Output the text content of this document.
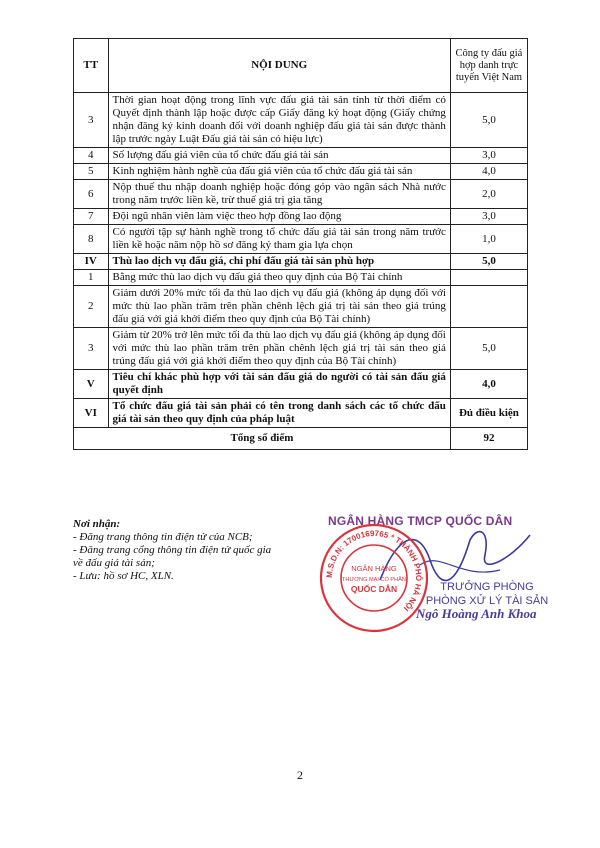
TT	NỘI DUNG	Công ty đấu giá hợp danh trực tuyến Việt Nam
3	Thời gian hoạt động trong lĩnh vực đấu giá tài sản tính từ thời điểm có Quyết định thành lập hoặc được cấp Giấy đăng ký hoạt động (Giấy chứng nhận đăng ký kinh doanh đối với doanh nghiệp đấu giá tài sản được thành lập trước ngày Luật Đấu giá tài sản có hiệu lực)	5,0
4	Số lượng đấu giá viên của tổ chức đấu giá tài sản	3,0
5	Kinh nghiệm hành nghề của đấu giá viên của tổ chức đấu giá tài sản	4,0
6	Nộp thuế thu nhập doanh nghiệp hoặc đóng góp vào ngân sách Nhà nước trong năm trước liền kề, trừ thuế giá trị gia tăng	2,0
7	Đội ngũ nhân viên làm việc theo hợp đồng lao động	3,0
8	Có người tập sự hành nghề trong tổ chức đấu giá tài sản trong năm trước liền kề hoặc năm nộp hồ sơ đăng ký tham gia lựa chọn	1,0
IV	Thù lao dịch vụ đấu giá, chi phí đấu giá tài sản phù hợp	5,0
1	Bằng mức thù lao dịch vụ đấu giá theo quy định của Bộ Tài chính	
2	Giảm dưới 20% mức tối đa thù lao dịch vụ đấu giá (không áp dụng đối với mức thù lao phần trăm trên phần chênh lệch giá trị tài sản theo giá trúng đấu giá với giá khởi điểm theo quy định của Bộ Tài chính)	
3	Giảm từ 20% trở lên mức tối đa thù lao dịch vụ đấu giá (không áp dụng đối với mức thù lao phần trăm trên phần chênh lệch giá trị tài sản theo giá trúng đấu giá với giá khởi điểm theo quy định của Bộ Tài chính)	5,0
V	Tiêu chí khác phù hợp với tài sản đấu giá do người có tài sản đấu giá quyết định	4,0
VI	Tổ chức đấu giá tài sản phải có tên trong danh sách các tổ chức đấu giá tài sản theo quy định của pháp luật	Đủ điều kiện
Tổng số điểm		92
Nơi nhận:
- Đăng trang thông tin điện tử của NCB;
- Đăng trang cổng thông tin điện tử quốc gia về đấu giá tài sản;
- Lưu: hồ sơ HC, XLN.
NGÂN HÀNG TMCP QUỐC DÂN
M.S.D.N: 1700169765 * THÀNH PHỐ HÀ NỘI
NGÂN HÀNG
THƯƠNG MẠI CỔ PHẦN
QUỐC DÂN	TRƯỞNG PHÒNG
PHÒNG XỬ LÝ TÀI SẢN
Ngô Hoàng Anh Khoa
2
